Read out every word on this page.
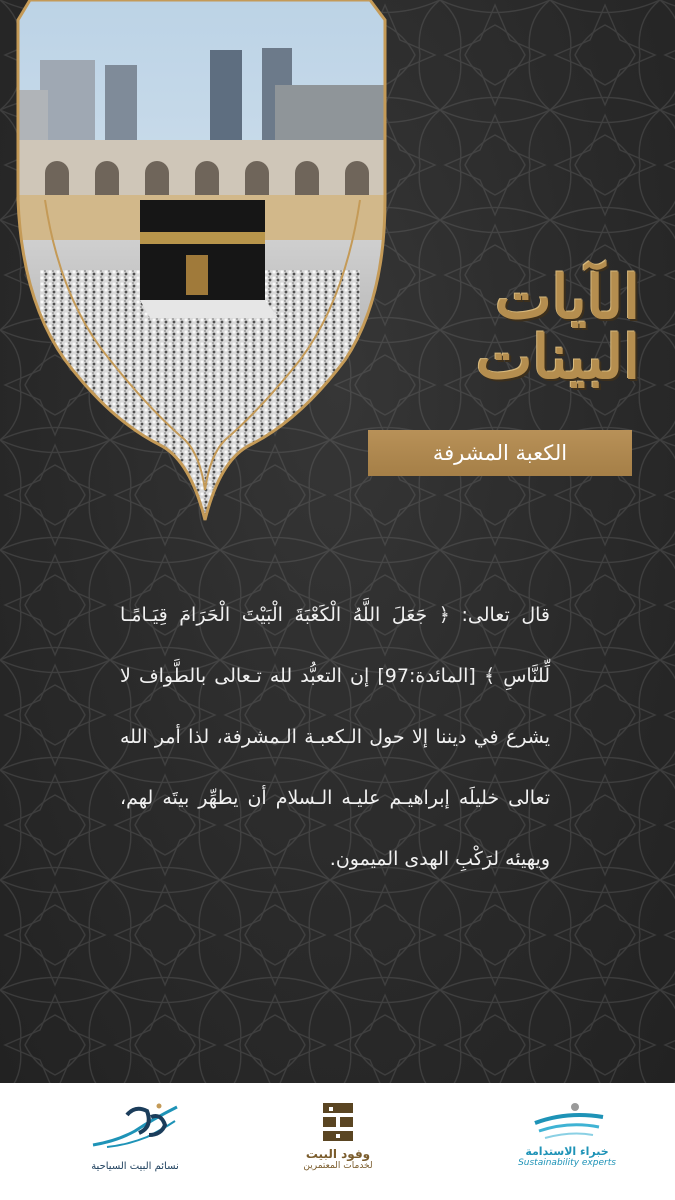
الآيات البينات
الكعبة المشرفة
قال تعالى: ﴿ جَعَلَ اللَّهُ الْكَعْبَةَ الْبَيْتَ الْحَرَامَ قِيَـامًـا لِّلنَّاسِ ﴾ [المائدة:97] إن التعبُّد لله تـعالى بالطَّواف لا يشرع في ديننا إلا حول الـكعبـة الـمشرفة، لذا أمر الله تعالى خليلَه إبراهيـم عليـه الـسلام أن يطهِّر بيتَه لهم، ويهيئه لرَكْبِ الهدى الميمون.
نسائم البيت السياحية
وفود البيت
لخدمات المعتمرين
خبراء الاستدامة
Sustainability experts
